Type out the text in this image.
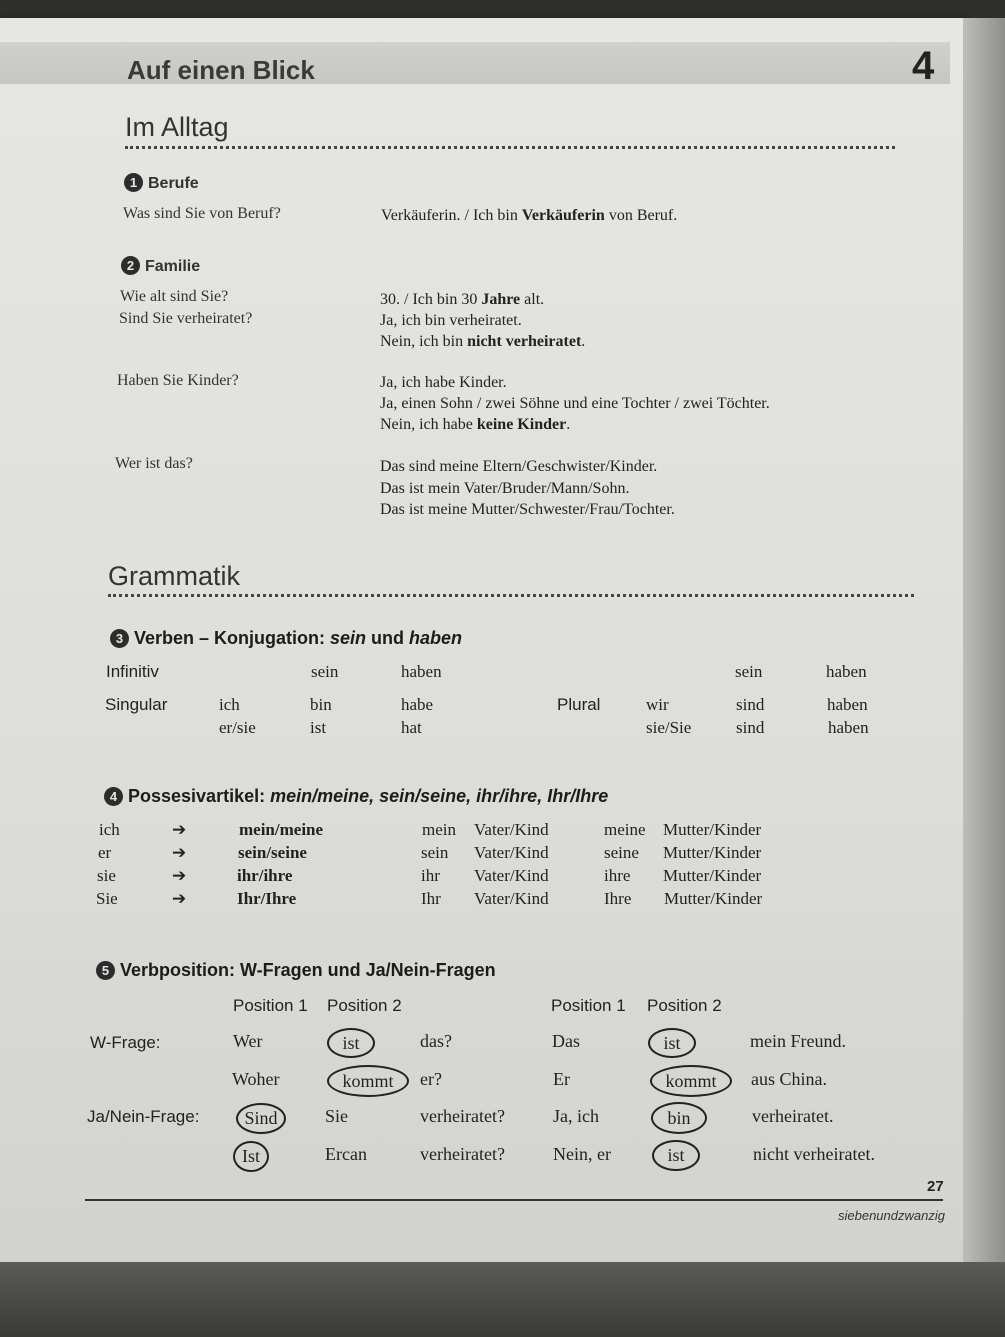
Auf einen Blick	4
Im Alltag
1 Berufe
Was sind Sie von Beruf?	Verkäuferin. / Ich bin Verkäuferin von Beruf.
2 Familie
Wie alt sind Sie?	30. / Ich bin 30 Jahre alt.
Sind Sie verheiratet?	Ja, ich bin verheiratet.
Nein, ich bin nicht verheiratet.
Haben Sie Kinder?	Ja, ich habe Kinder.
Ja, einen Sohn / zwei Söhne und eine Tochter / zwei Töchter.
Nein, ich habe keine Kinder.
Wer ist das?	Das sind meine Eltern/Geschwister/Kinder.
Das ist mein Vater/Bruder/Mann/Sohn.
Das ist meine Mutter/Schwester/Frau/Tochter.
Grammatik
3 Verben – Konjugation: sein und haben
Infinitiv	sein	haben	sein	haben
Singular	ich	bin	habe	Plural	wir	sind	haben
er/sie	ist	hat	sie/Sie	sind	haben
4 Possesivartikel: mein/meine, sein/seine, ihr/ihre, Ihr/Ihre
ich	➔	mein/meine	mein Vater/Kind	meine Mutter/Kinder
er	➔	sein/seine	sein Vater/Kind	seine Mutter/Kinder
sie	➔	ihr/ihre	ihr Vater/Kind	ihre Mutter/Kinder
Sie	➔	Ihr/Ihre	Ihr Vater/Kind	Ihre Mutter/Kinder
5 Verbposition: W-Fragen und Ja/Nein-Fragen
Position 1 Position 2	Position 1 Position 2
W-Frage:	Wer	ist	das?	Das	ist	mein Freund.
Woher	kommt	er?	Er	kommt	aus China.
Ja/Nein-Frage:	Sind	Sie	verheiratet?	Ja, ich	bin	verheiratet.
Ist	Ercan	verheiratet?	Nein, er	ist	nicht verheiratet.
27
siebenundzwanzig
